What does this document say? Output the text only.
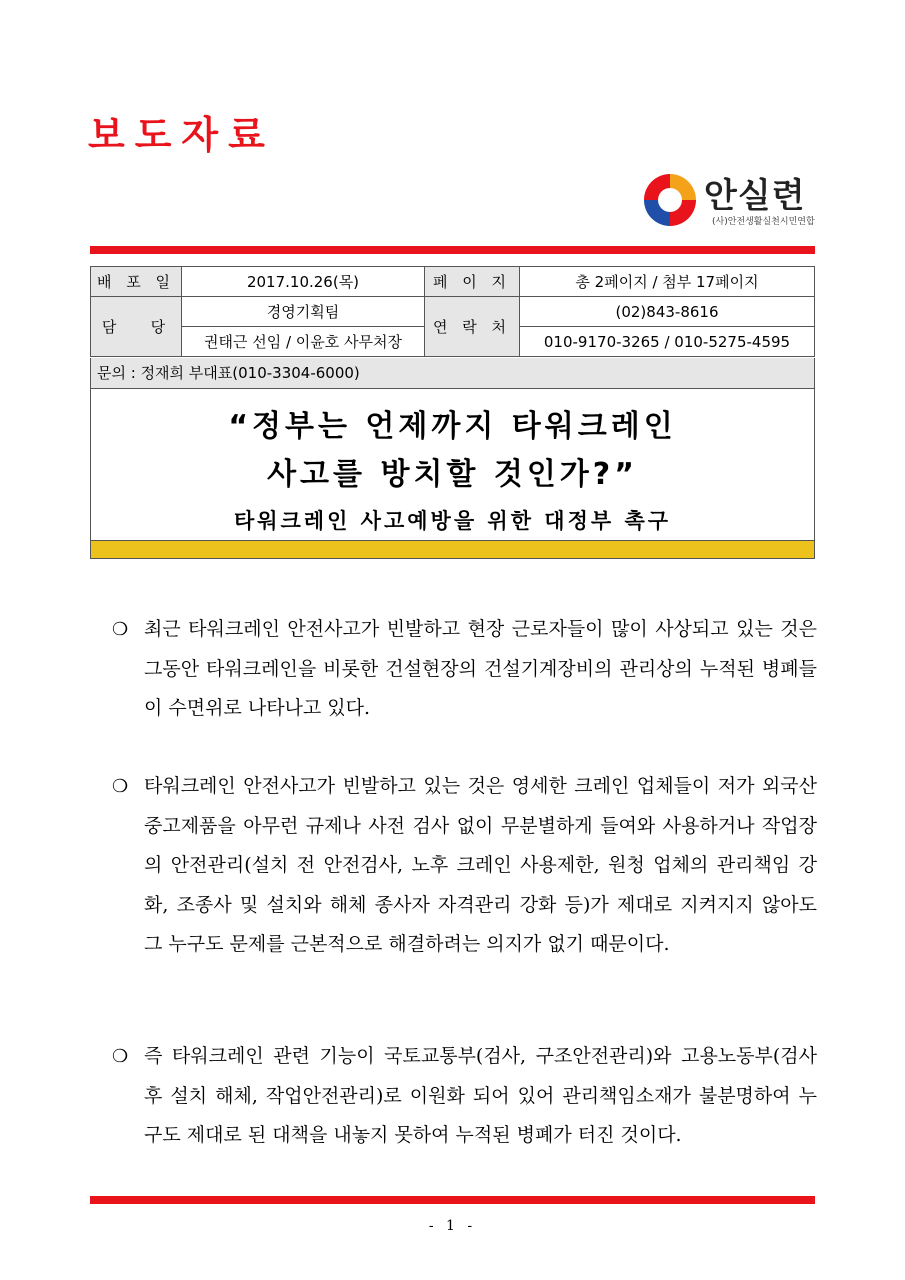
보도자료
안실련
(사)안전생활실천시민연합
배 포 일	2017.10.26(목)	페 이 지	총 2페이지 / 첨부 17페이지
담   당	경영기획팀	연 락 처	(02)843-8616
	권태근 선임 / 이윤호 사무처장		010-9170-3265 / 010-5275-4595
문의 : 정재희 부대표(010-3304-6000)
“정부는 언제까지 타워크레인
사고를 방치할 것인가?”
타워크레인 사고예방을 위한 대정부 촉구
❍ 최근 타워크레인 안전사고가 빈발하고 현장 근로자들이 많이 사상되고 있는 것은 그동안 타워크레인을 비롯한 건설현장의 건설기계장비의 관리상의 누적된 병폐들이 수면위로 나타나고 있다.
❍ 타워크레인 안전사고가 빈발하고 있는 것은 영세한 크레인 업체들이 저가 외국산 중고제품을 아무런 규제나 사전 검사 없이 무분별하게 들여와 사용하거나 작업장의 안전관리(설치 전 안전검사, 노후 크레인 사용제한, 원청 업체의 관리책임 강화, 조종사 및 설치와 해체 종사자 자격관리 강화 등)가 제대로 지켜지지 않아도 그 누구도 문제를 근본적으로 해결하려는 의지가 없기 때문이다.
❍ 즉 타워크레인 관련 기능이 국토교통부(검사, 구조안전관리)와 고용노동부(검사 후 설치 해체, 작업안전관리)로 이원화 되어 있어 관리책임소재가 불분명하여 누구도 제대로 된 대책을 내놓지 못하여 누적된 병폐가 터진 것이다.
- 1 -
